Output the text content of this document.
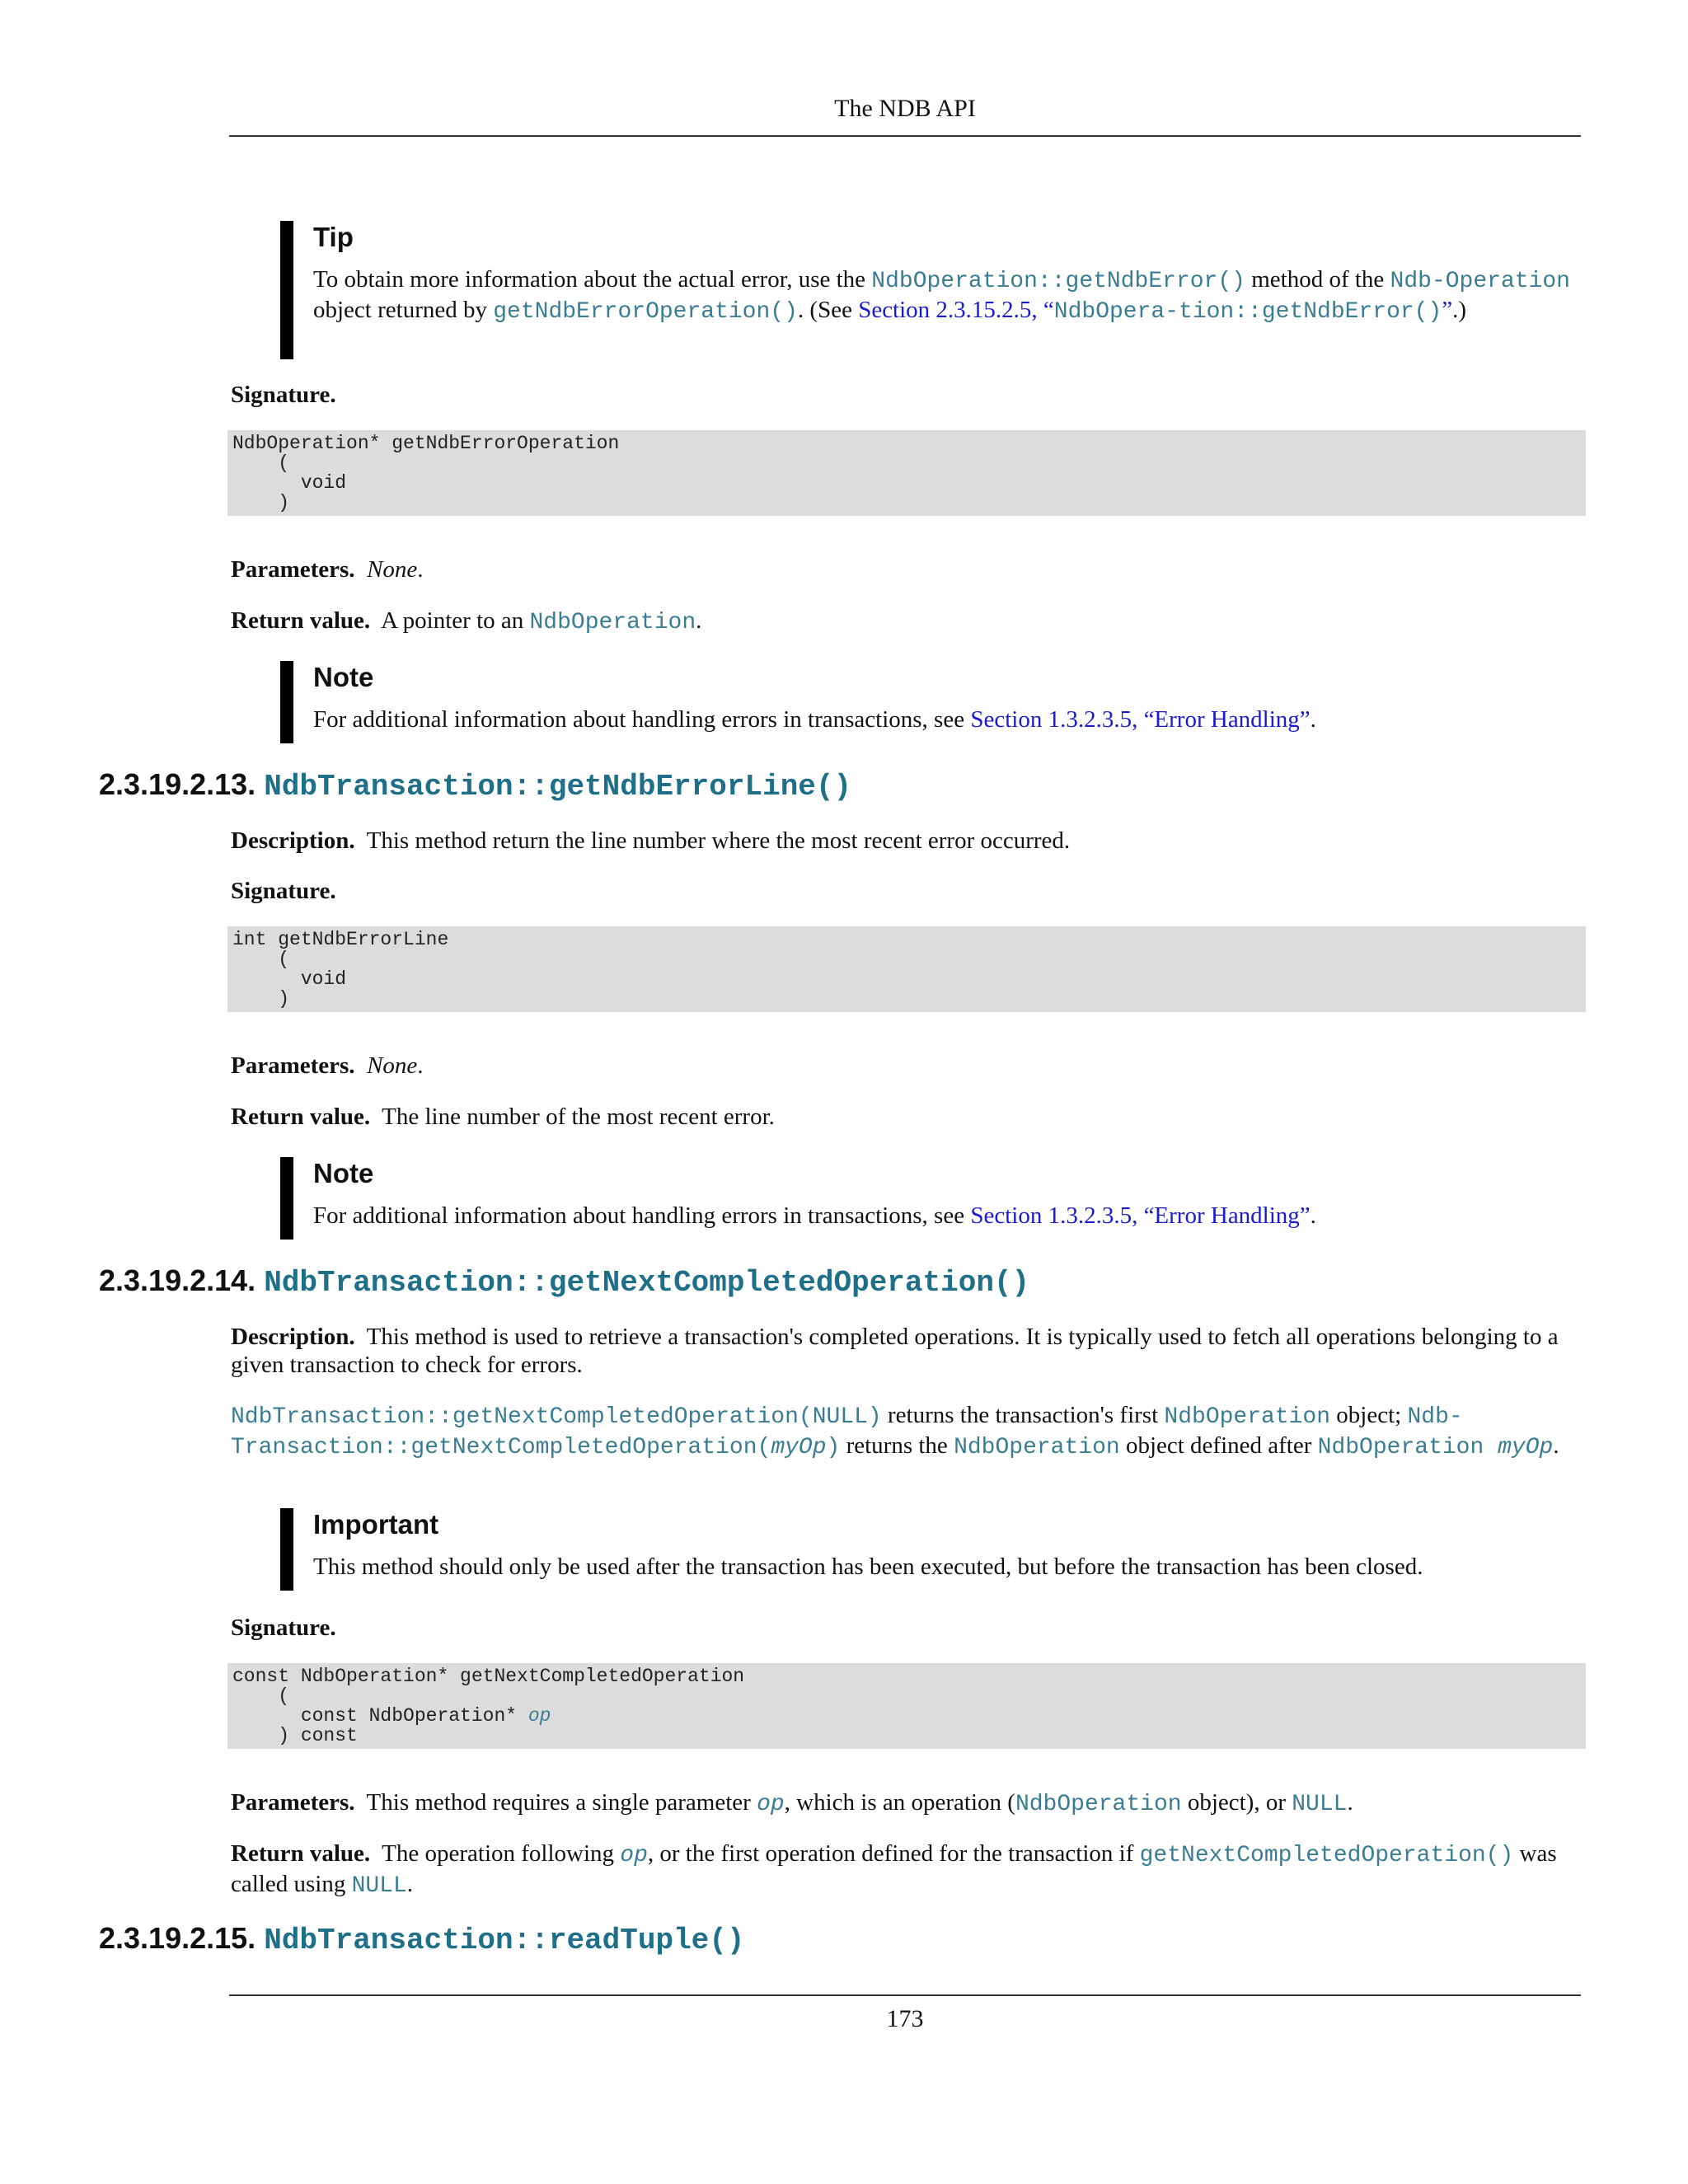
The NDB API

Tip

To obtain more information about the actual error, use the NdbOperation::getNdbError() method of the Ndb-Operation object returned by getNdbErrorOperation(). (See Section 2.3.15.2.5, “NdbOpera-tion::getNdbError()”.)

Signature.

NdbOperation* getNdbErrorOperation
(
void
)

Parameters. None.

Return value. A pointer to an NdbOperation.

Note

For additional information about handling errors in transactions, see Section 1.3.2.3.5, “Error Handling”.

2.3.19.2.13. NdbTransaction::getNdbErrorLine()

Description. This method return the line number where the most recent error occurred.

Signature.

int getNdbErrorLine
(
void
)

Parameters. None.

Return value. The line number of the most recent error.

Note

For additional information about handling errors in transactions, see Section 1.3.2.3.5, “Error Handling”.

2.3.19.2.14. NdbTransaction::getNextCompletedOperation()

Description. This method is used to retrieve a transaction's completed operations. It is typically used to fetch all operations belonging to a given transaction to check for errors.

NdbTransaction::getNextCompletedOperation(NULL) returns the transaction's first NdbOperation object; Ndb-Transaction::getNextCompletedOperation(myOp) returns the NdbOperation object defined after NdbOperation myOp.

Important

This method should only be used after the transaction has been executed, but before the transaction has been closed.

Signature.

const NdbOperation* getNextCompletedOperation
(
const NdbOperation* op
) const

Parameters. This method requires a single parameter op, which is an operation (NdbOperation object), or NULL.

Return value. The operation following op, or the first operation defined for the transaction if getNextCompletedOperation() was called using NULL.

2.3.19.2.15. NdbTransaction::readTuple()
173
